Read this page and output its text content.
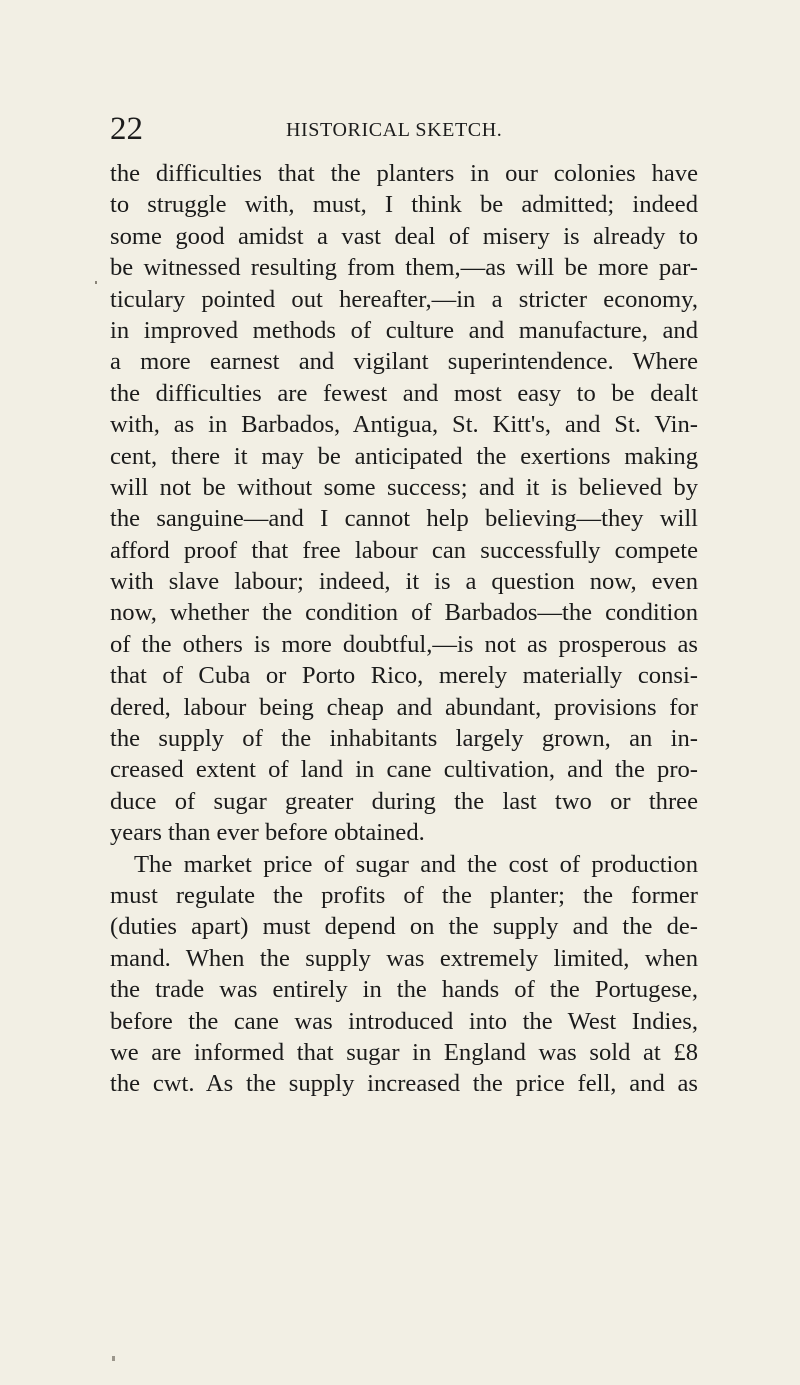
22	HISTORICAL SKETCH.
the difficulties that the planters in our colonies have
to struggle with, must, I think be admitted; indeed
some good amidst a vast deal of misery is already to
be witnessed resulting from them,—as will be more par-
ticulary pointed out hereafter,—in a stricter economy,
in improved methods of culture and manufacture, and
a more earnest and vigilant superintendence. Where
the difficulties are fewest and most easy to be dealt
with, as in Barbados, Antigua, St. Kitt's, and St. Vin-
cent, there it may be anticipated the exertions making
will not be without some success; and it is believed by
the sanguine—and I cannot help believing—they will
afford proof that free labour can successfully compete
with slave labour; indeed, it is a question now, even
now, whether the condition of Barbados—the condition
of the others is more doubtful,—is not as prosperous as
that of Cuba or Porto Rico, merely materially consi-
dered, labour being cheap and abundant, provisions for
the supply of the inhabitants largely grown, an in-
creased extent of land in cane cultivation, and the pro-
duce of sugar greater during the last two or three
years than ever before obtained.
The market price of sugar and the cost of production
must regulate the profits of the planter; the former
(duties apart) must depend on the supply and the de-
mand. When the supply was extremely limited, when
the trade was entirely in the hands of the Portugese,
before the cane was introduced into the West Indies,
we are informed that sugar in England was sold at £8
the cwt. As the supply increased the price fell, and as
